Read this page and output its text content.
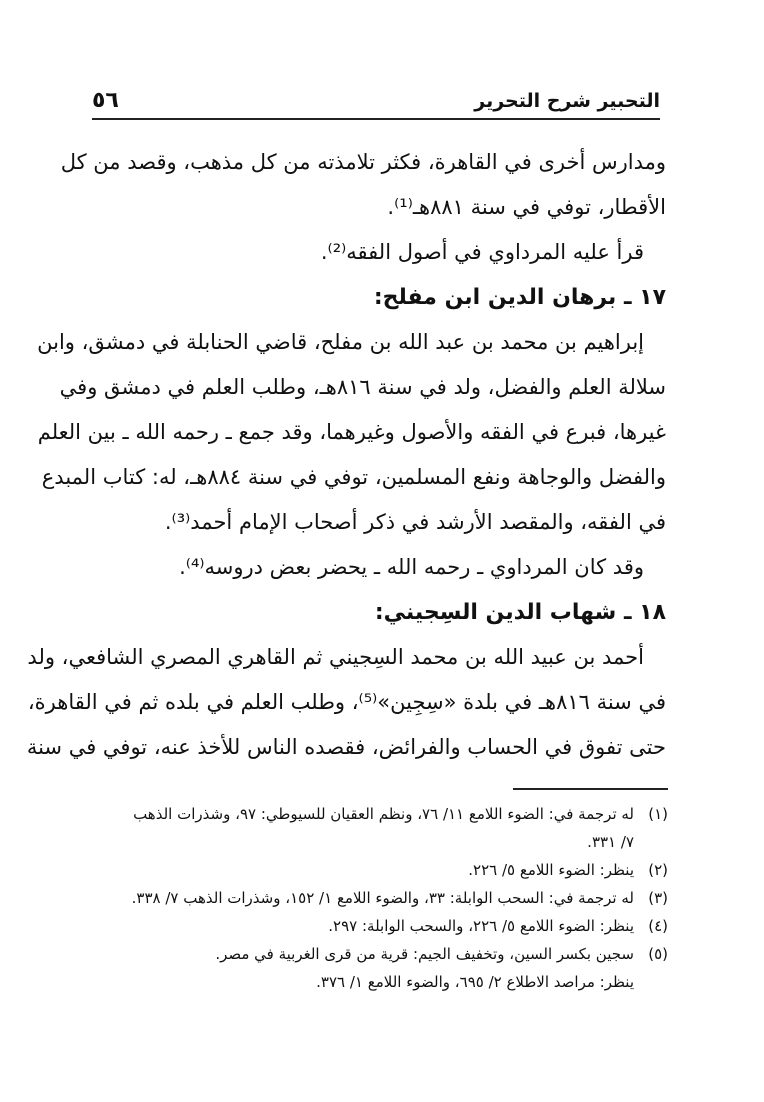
٥٦	التحبير شرح التحرير
ومدارس أخرى في القاهرة، فكثر تلامذته من كل مذهب، وقصد من كل
الأقطار، توفي في سنة ٨٨١هـ⁽¹⁾.
قرأ عليه المرداوي في أصول الفقه⁽²⁾.
١٧ ـ برهان الدين ابن مفلح:
إبراهيم بن محمد بن عبد الله بن مفلح، قاضي الحنابلة في دمشق، وابن
سلالة العلم والفضل، ولد في سنة ٨١٦هـ، وطلب العلم في دمشق وفي
غيرها، فبرع في الفقه والأصول وغيرهما، وقد جمع ـ رحمه الله ـ بين العلم
والفضل والوجاهة ونفع المسلمين، توفي في سنة ٨٨٤هـ، له: كتاب المبدع
في الفقه، والمقصد الأرشد في ذكر أصحاب الإمام أحمد⁽³⁾.
وقد كان المرداوي ـ رحمه الله ـ يحضر بعض دروسه⁽⁴⁾.
١٨ ـ شهاب الدين السِجيني:
أحمد بن عبيد الله بن محمد السِجيني ثم القاهري المصري الشافعي، ولد
في سنة ٨١٦هـ في بلدة «سِجِين»⁽⁵⁾، وطلب العلم في بلده ثم في القاهرة،
حتى تفوق في الحساب والفرائض، فقصده الناس للأخذ عنه، توفي في سنة
(١)له ترجمة في: الضوء اللامع ١١/ ٧٦، ونظم العقيان للسيوطي: ٩٧، وشذرات الذهب
٧/ ٣٣١.
(٢)ينظر: الضوء اللامع ٥/ ٢٢٦.
(٣)له ترجمة في: السحب الوابلة: ٣٣، والضوء اللامع ١/ ١٥٢، وشذرات الذهب ٧/ ٣٣٨.
(٤)ينظر: الضوء اللامع ٥/ ٢٢٦، والسحب الوابلة: ٢٩٧.
(٥)سجين بكسر السين، وتخفيف الجيم: قرية من قرى الغربية في مصر.
ينظر: مراصد الاطلاع ٢/ ٦٩٥، والضوء اللامع ١/ ٣٧٦.
